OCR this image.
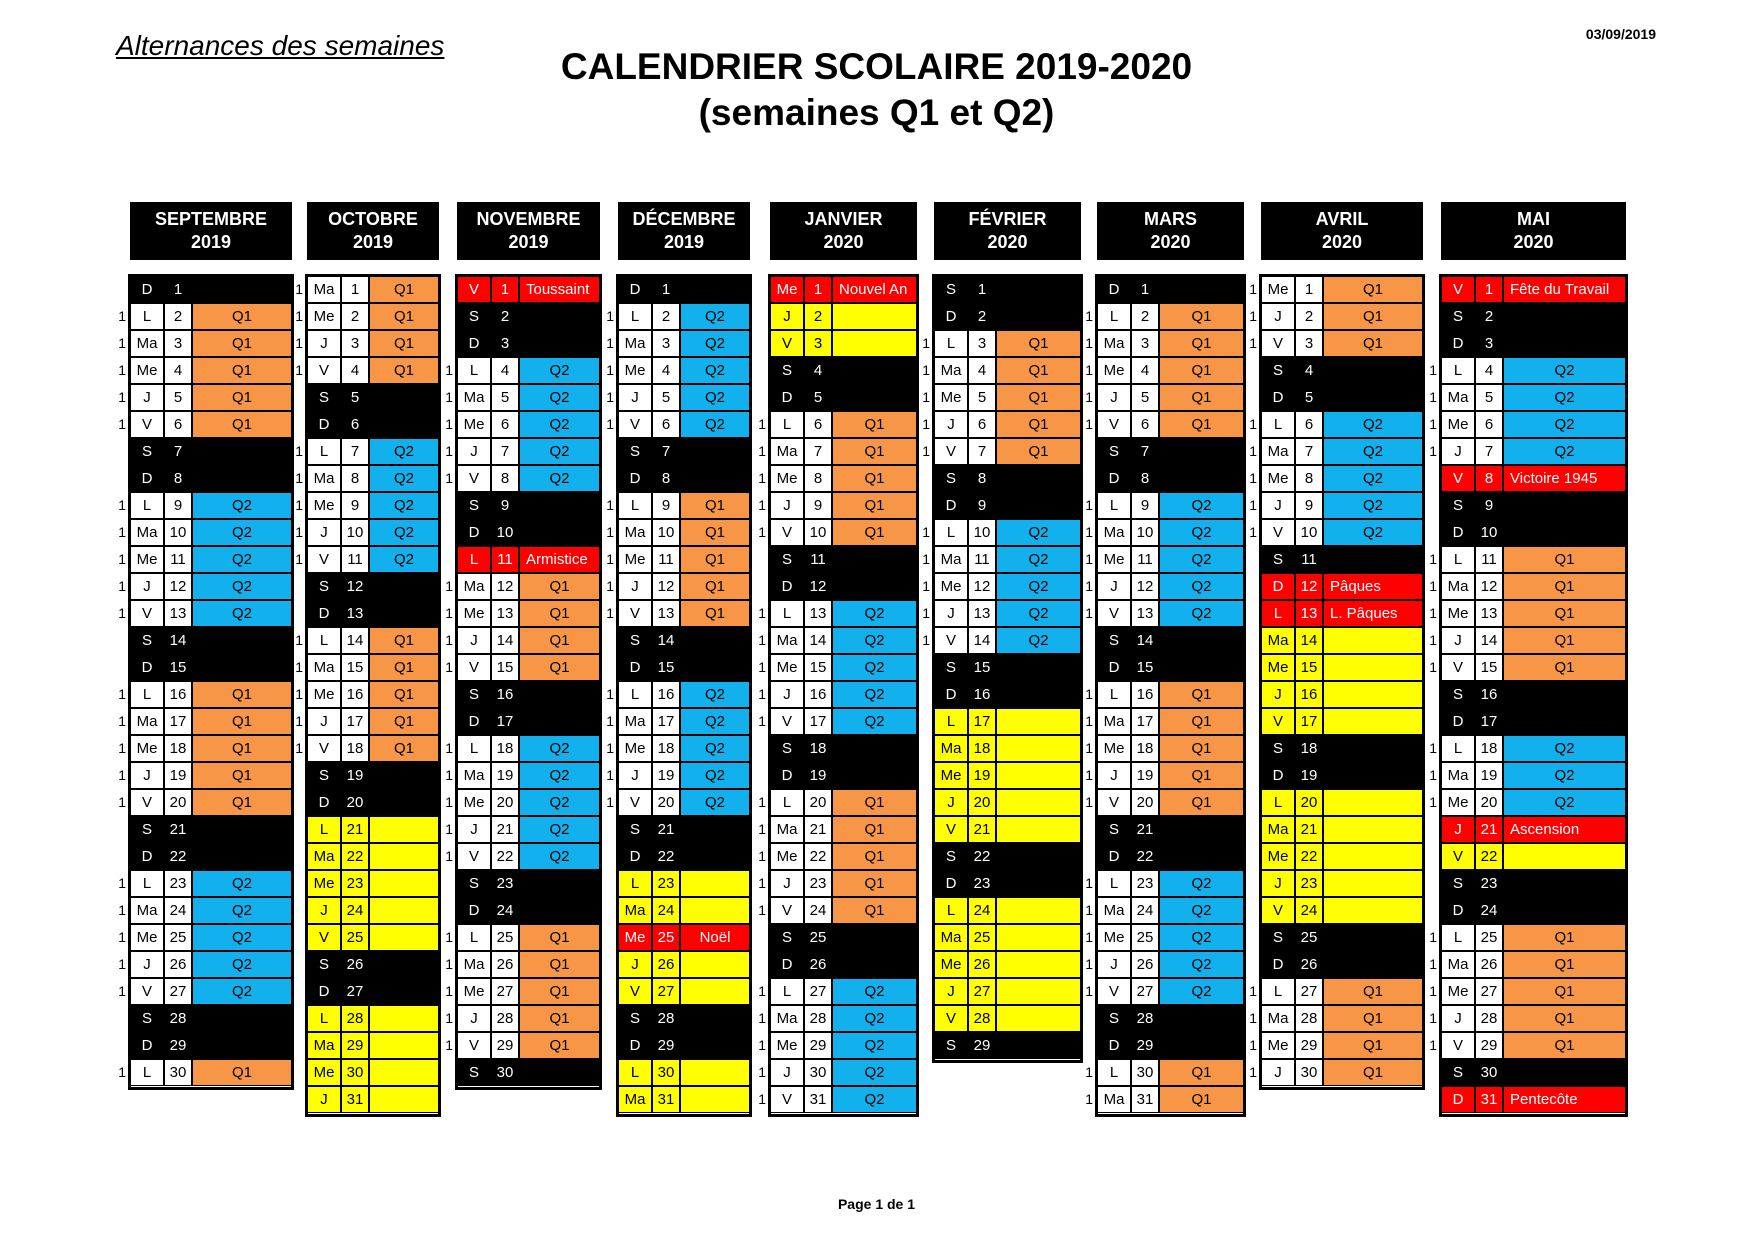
Alternances des semaines	03/09/2019
CALENDRIER SCOLAIRE 2019-2020
(semaines Q1 et Q2)
SEPTEMBRE
2019
D	1
1	L	2	Q1
1 Ma	3	Q1
1 Me	4	Q1
1	J	5	Q1
1	V	6	Q1
S	7
D	8
1	L	9	Q2
1 Ma 10	Q2
1 Me 11	Q2
1	J	12	Q2
1	V	13	Q2
S	14
D	15
1	L	16	Q1
1 Ma 17	Q1
1 Me 18	Q1
1	J	19	Q1
1	V	20	Q1
S	21
D	22
1	L	23	Q2
1 Ma 24	Q2
1 Me 25	Q2
1	J	26	Q2
1	V	27	Q2
S	28
D	29
1	L	30	Q1
OCTOBRE
2019
1 Ma	1	Q1
1 Me	2	Q1
1	J	3	Q1
1	V	4	Q1
S	5
D	6
1	L	7	Q2
1 Ma	8	Q2
1 Me	9	Q2
1	J	10	Q2
1	V	11	Q2
S	12
D	13
1	L	14	Q1
1 Ma 15	Q1
1 Me 16	Q1
1	J	17	Q1
1	V	18	Q1
S	19
D	20
L	21
Ma 22
Me 23
J	24
V	25
S	26
D	27
L	28
Ma 29
Me 30
J	31
NOVEMBRE
2019
V	1	Toussaint
S	2
D	3
1	L	4	Q2
1 Ma	5	Q2
1 Me	6	Q2
1	J	7	Q2
1	V	8	Q2
S	9
D	10
L	11 Armistice
1 Ma 12	Q1
1 Me 13	Q1
1	J	14	Q1
1	V	15	Q1
S	16
D	17
1	L	18	Q2
1 Ma 19	Q2
1 Me 20	Q2
1	J	21	Q2
1	V	22	Q2
S	23
D	24
1	L	25	Q1
1 Ma 26	Q1
1 Me 27	Q1
1	J	28	Q1
1	V	29	Q1
S	30
DÉCEMBRE
2019
D	1
1	L	2	Q2
1 Ma	3	Q2
1 Me	4	Q2
1	J	5	Q2
1	V	6	Q2
S	7
D	8
1	L	9	Q1
1 Ma 10	Q1
1 Me 11	Q1
1	J	12	Q1
1	V	13	Q1
S	14
D	15
1	L	16	Q2
1 Ma 17	Q2
1 Me 18	Q2
1	J	19	Q2
1	V	20	Q2
S	21
D	22
L	23
Ma 24
Me 25	Noël
J	26
V	27
S	28
D	29
L	30
Ma 31
JANVIER
2020
Me	1	Nouvel An
J	2
V	3
S	4
D	5
1	L	6	Q1
1 Ma	7	Q1
1 Me	8	Q1
1	J	9	Q1
1	V	10	Q1
S	11
D	12
1	L	13	Q2
1 Ma 14	Q2
1 Me 15	Q2
1	J	16	Q2
1	V	17	Q2
S	18
D	19
1	L	20	Q1
1 Ma 21	Q1
1 Me 22	Q1
1	J	23	Q1
1	V	24	Q1
S	25
D	26
1	L	27	Q2
1 Ma 28	Q2
1 Me 29	Q2
1	J	30	Q2
1	V	31	Q2
FÉVRIER
2020
S	1
D	2
1	L	3	Q1
1 Ma	4	Q1
1 Me	5	Q1
1	J	6	Q1
1	V	7	Q1
S	8
D	9
1	L	10	Q2
1 Ma 11	Q2
1 Me 12	Q2
1	J	13	Q2
1	V	14	Q2
S	15
D	16
L	17
Ma 18
Me 19
J	20
V	21
S	22
D	23
L	24
Ma 25
Me 26
J	27
V	28
S	29
MARS
2020
D	1
1	L	2	Q1
1 Ma	3	Q1
1 Me	4	Q1
1	J	5	Q1
1	V	6	Q1
S	7
D	8
1	L	9	Q2
1 Ma 10	Q2
1 Me 11	Q2
1	J	12	Q2
1	V	13	Q2
S	14
D	15
1	L	16	Q1
1 Ma 17	Q1
1 Me 18	Q1
1	J	19	Q1
1	V	20	Q1
S	21
D	22
1	L	23	Q2
1 Ma 24	Q2
1 Me 25	Q2
1	J	26	Q2
1	V	27	Q2
S	28
D	29
1	L	30	Q1
1 Ma 31	Q1
AVRIL
2020
1 Me	1	Q1
1	J	2	Q1
1	V	3	Q1
S	4
D	5
1	L	6	Q2
1 Ma	7	Q2
1 Me	8	Q2
1	J	9	Q2
1	V	10	Q2
S	11
D	12 Pâques
L	13 L. Pâques
Ma 14
Me 15
J	16
V	17
S	18
D	19
L	20
Ma 21
Me 22
J	23
V	24
S	25
D	26
1	L	27	Q1
1 Ma 28	Q1
1 Me 29	Q1
1	J	30	Q1
MAI
2020
V	1	Fête du Travail
S	2
D	3
1	L	4	Q2
1 Ma	5	Q2
1 Me	6	Q2
1	J	7	Q2
V	8	Victoire 1945
S	9
D	10
1	L	11	Q1
1 Ma 12	Q1
1 Me 13	Q1
1	J	14	Q1
1	V	15	Q1
S	16
D	17
1	L	18	Q2
1 Ma 19	Q2
1 Me 20	Q2
J	21 Ascension
V	22
S	23
D	24
1	L	25	Q1
1 Ma 26	Q1
1 Me 27	Q1
1	J	28	Q1
1	V	29	Q1
S	30
D	31 Pentecôte
Page 1 de 1
